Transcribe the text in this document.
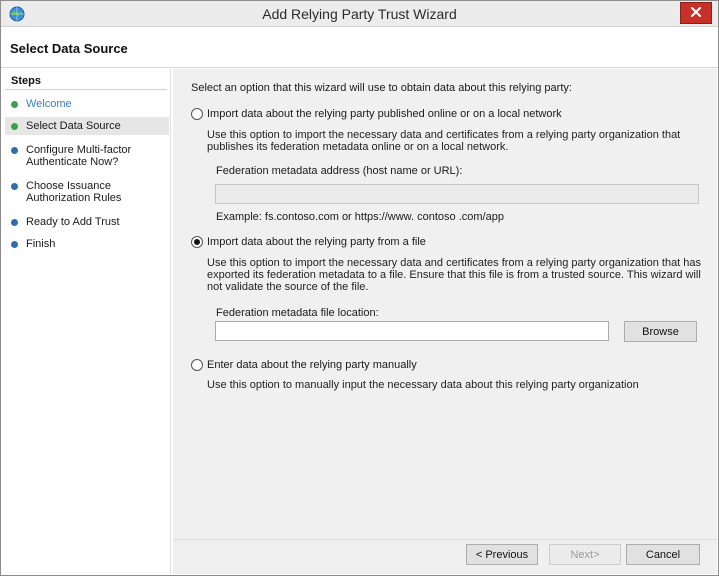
Add Relying Party Trust Wizard
Select Data Source
Steps
Welcome
Select Data Source
Configure Multi-factor Authenticate Now?
Choose Issuance Authorization Rules
Ready to Add Trust
Finish
Select an option that this wizard will use to obtain data about this relying party:
Import data about the relying party published online or on a local network
Use this option to import the necessary data and certificates from a relying party organization that publishes its federation metadata online or on a local network.
Federation metadata address (host name or URL):
Example: fs.contoso.com or https://www. contoso .com/app
Import data about the relying party from a file
Use this option to import the necessary data and certificates from a relying party organization that has exported its federation metadata to a file. Ensure that this file is from a trusted source. This wizard will not validate the source of the file.
Federation metadata file location:
Browse
Enter data about the relying party manually
Use this option to manually input the necessary data about this relying party organization
< Previous	Next>	Cancel
